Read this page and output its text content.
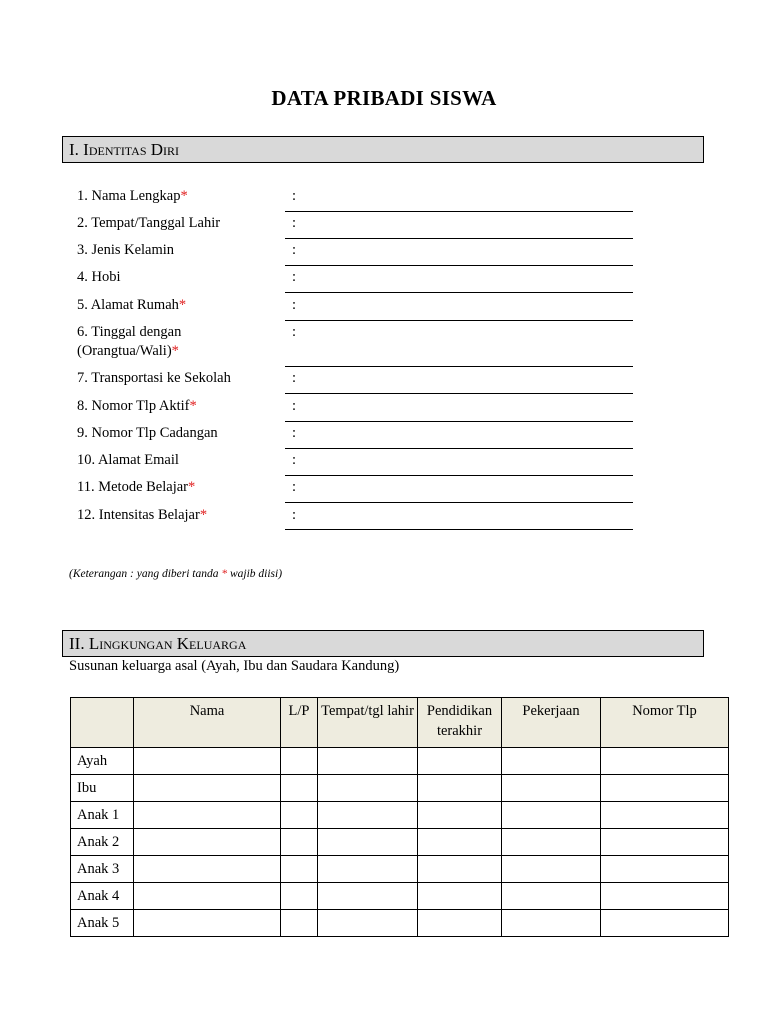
DATA PRIBADI SISWA
I. Identitas Diri
1. Nama Lengkap*	:
2. Tempat/Tanggal Lahir	:
3. Jenis Kelamin	:
4. Hobi	:
5. Alamat Rumah*	:
6. Tinggal dengan
(Orangtua/Wali)*
:
7. Transportasi ke Sekolah	:
8. Nomor Tlp Aktif*	:
9. Nomor Tlp Cadangan	:
10. Alamat Email	:
11. Metode Belajar*	:
12. Intensitas Belajar*	:
(Keterangan : yang diberi tanda * wajib diisi)
II. Lingkungan Keluarga
Susunan keluarga asal (Ayah, Ibu dan Saudara Kandung)
	Nama	L/P	Tempat/tgl lahir	Pendidikan terakhir	Pekerjaan	Nomor Tlp
Ayah						
Ibu						
Anak 1						
Anak 2						
Anak 3						
Anak 4						
Anak 5						
